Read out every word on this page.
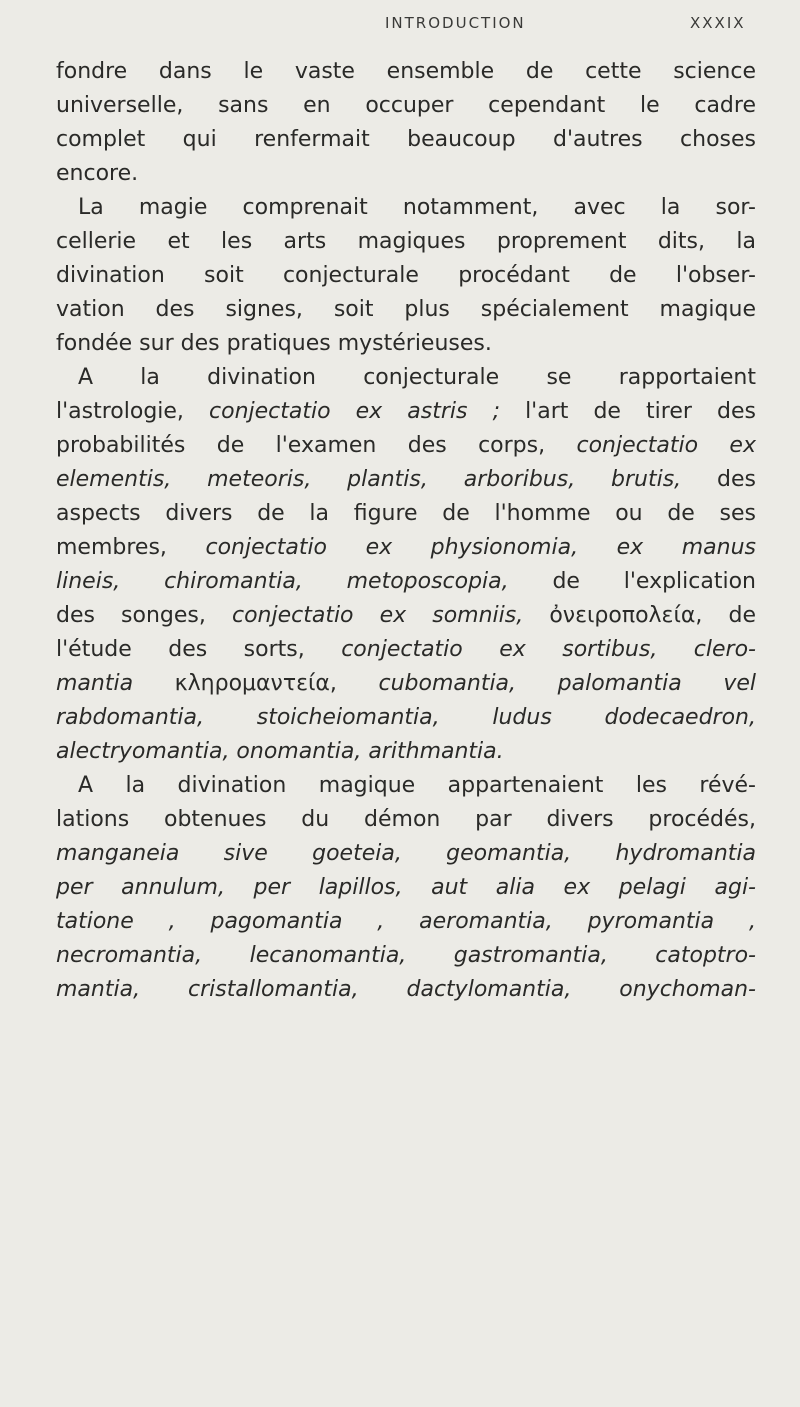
INTRODUCTION	XXXIX
fondre dans le vaste ensemble de cette science
universelle, sans en occuper cependant le cadre
complet qui renfermait beaucoup d'autres choses
encore.
La magie comprenait notamment, avec la sor-
cellerie et les arts magiques proprement dits, la
divination soit conjecturale procédant de l'obser-
vation des signes, soit plus spécialement magique
fondée sur des pratiques mystérieuses.
A la divination conjecturale se rapportaient
l'astrologie, conjectatio ex astris ; l'art de tirer des
probabilités de l'examen des corps, conjectatio ex
elementis, meteoris, plantis, arboribus, brutis, des
aspects divers de la figure de l'homme ou de ses
membres, conjectatio ex physionomia, ex manus
lineis, chiromantia, metoposcopia, de l'explication
des songes, conjectatio ex somniis, ὀνειροπολεία, de
l'étude des sorts, conjectatio ex sortibus, clero-
mantia κληρομαντεία, cubomantia, palomantia vel
rabdomantia, stoicheiomantia, ludus dodecaedron,
alectryomantia, onomantia, arithmantia.
A la divination magique appartenaient les révé-
lations obtenues du démon par divers procédés,
manganeia sive goeteia, geomantia, hydromantia
per annulum, per lapillos, aut alia ex pelagi agi-
tatione , pagomantia , aeromantia, pyromantia ,
necromantia, lecanomantia, gastromantia, catoptro-
mantia, cristallomantia, dactylomantia, onychoman-
